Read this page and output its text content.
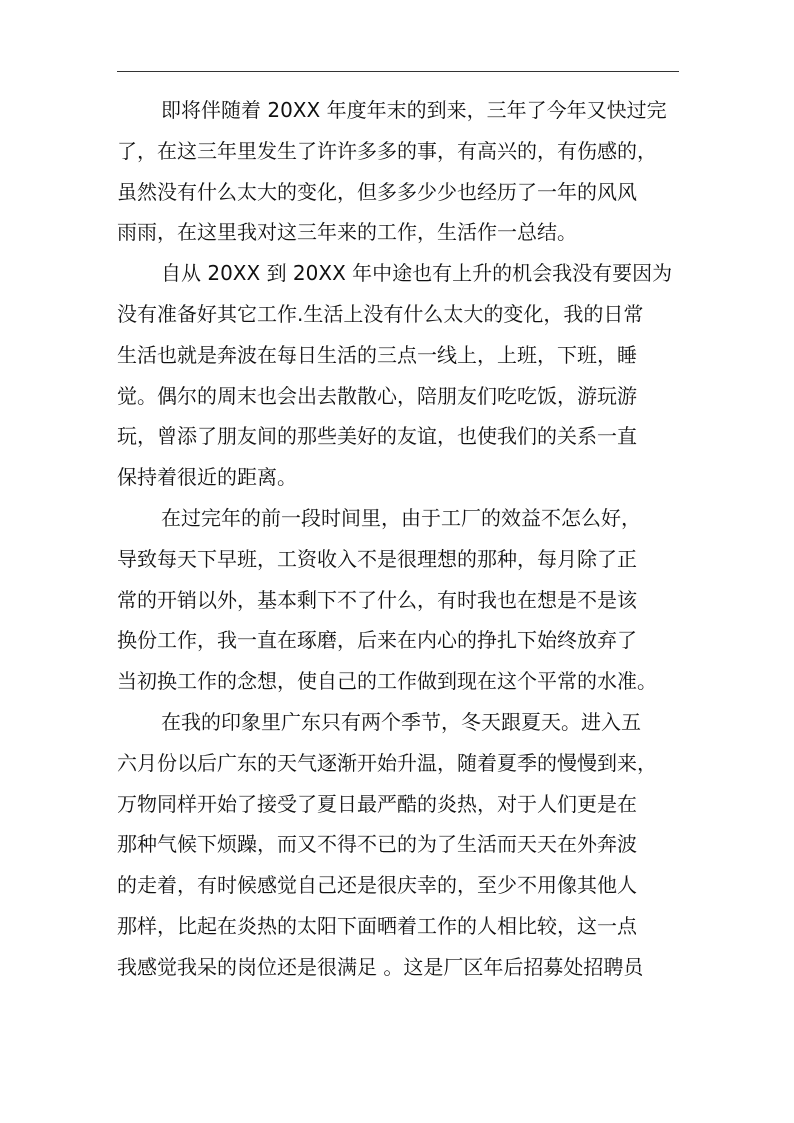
即将伴随着 20XX 年度年末的到来，三年了今年又快过完
了，在这三年里发生了许许多多的事，有高兴的，有伤感的，
虽然没有什么太大的变化，但多多少少也经历了一年的风风
雨雨，在这里我对这三年来的工作，生活作一总结。
自从 20XX 到 20XX 年中途也有上升的机会我没有要因为
没有准备好其它工作.生活上没有什么太大的变化，我的日常
生活也就是奔波在每日生活的三点一线上，上班，下班，睡
觉。偶尔的周末也会出去散散心，陪朋友们吃吃饭，游玩游
玩，曾添了朋友间的那些美好的友谊，也使我们的关系一直
保持着很近的距离。
在过完年的前一段时间里，由于工厂的效益不怎么好，
导致每天下早班，工资收入不是很理想的那种，每月除了正
常的开销以外，基本剩下不了什么，有时我也在想是不是该
换份工作，我一直在琢磨，后来在内心的挣扎下始终放弃了
当初换工作的念想，使自己的工作做到现在这个平常的水准。
在我的印象里广东只有两个季节，冬天跟夏天。进入五
六月份以后广东的天气逐渐开始升温，随着夏季的慢慢到来，
万物同样开始了接受了夏日最严酷的炎热，对于人们更是在
那种气候下烦躁，而又不得不已的为了生活而天天在外奔波
的走着，有时候感觉自己还是很庆幸的，至少不用像其他人
那样，比起在炎热的太阳下面晒着工作的人相比较，这一点
我感觉我呆的岗位还是很满足 。这是厂区年后招募处招聘员
